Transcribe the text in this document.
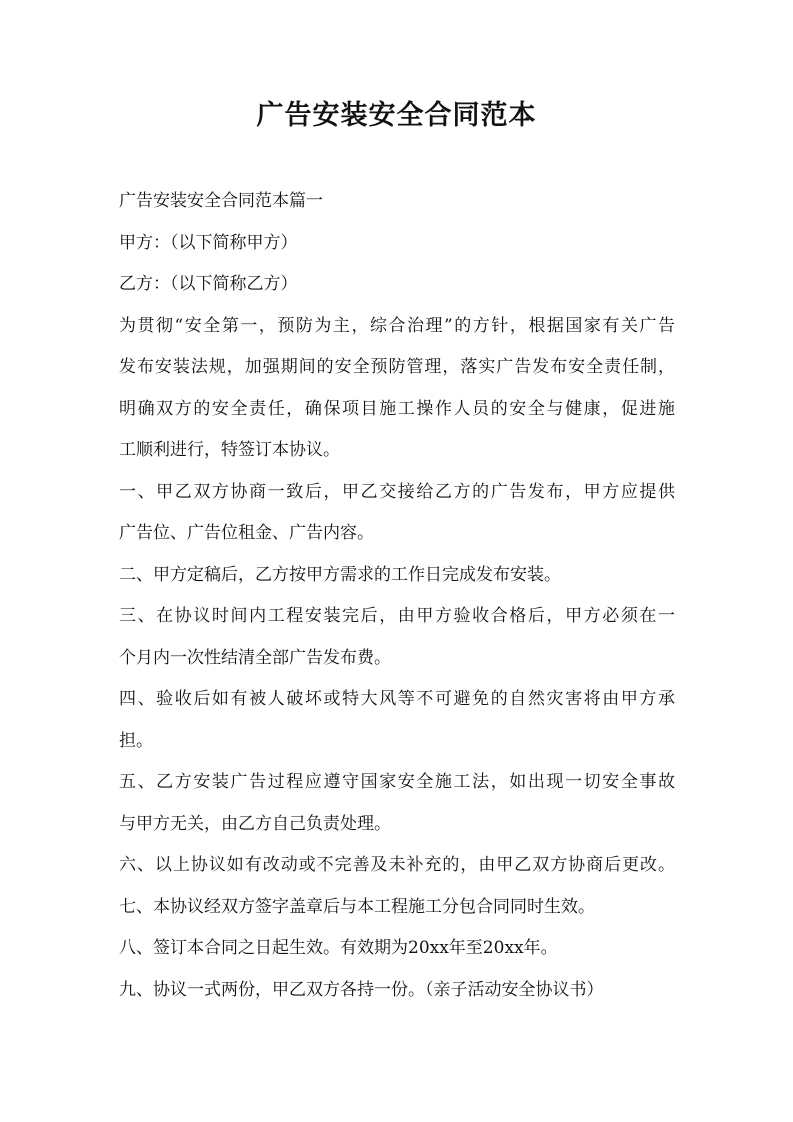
广告安装安全合同范本

广告安装安全合同范本篇一

甲方：（以下简称甲方）

乙方：（以下简称乙方）

为贯彻“安全第一，预防为主，综合治理”的方针，根据国家有关广告
发布安装法规，加强期间的安全预防管理，落实广告发布安全责任制，
明确双方的安全责任，确保项目施工操作人员的安全与健康，促进施
工顺利进行，特签订本协议。

一、甲乙双方协商一致后，甲乙交接给乙方的广告发布，甲方应提供
广告位、广告位租金、广告内容。

二、甲方定稿后，乙方按甲方需求的工作日完成发布安装。

三、在协议时间内工程安装完后，由甲方验收合格后，甲方必须在一
个月内一次性结清全部广告发布费。

四、验收后如有被人破坏或特大风等不可避免的自然灾害将由甲方承
担。

五、乙方安装广告过程应遵守国家安全施工法，如出现一切安全事故
与甲方无关，由乙方自己负责处理。

六、以上协议如有改动或不完善及未补充的，由甲乙双方协商后更改。

七、本协议经双方签字盖章后与本工程施工分包合同同时生效。

八、签订本合同之日起生效。有效期为20xx年至20xx年。

九、协议一式两份，甲乙双方各持一份。（亲子活动安全协议书）
